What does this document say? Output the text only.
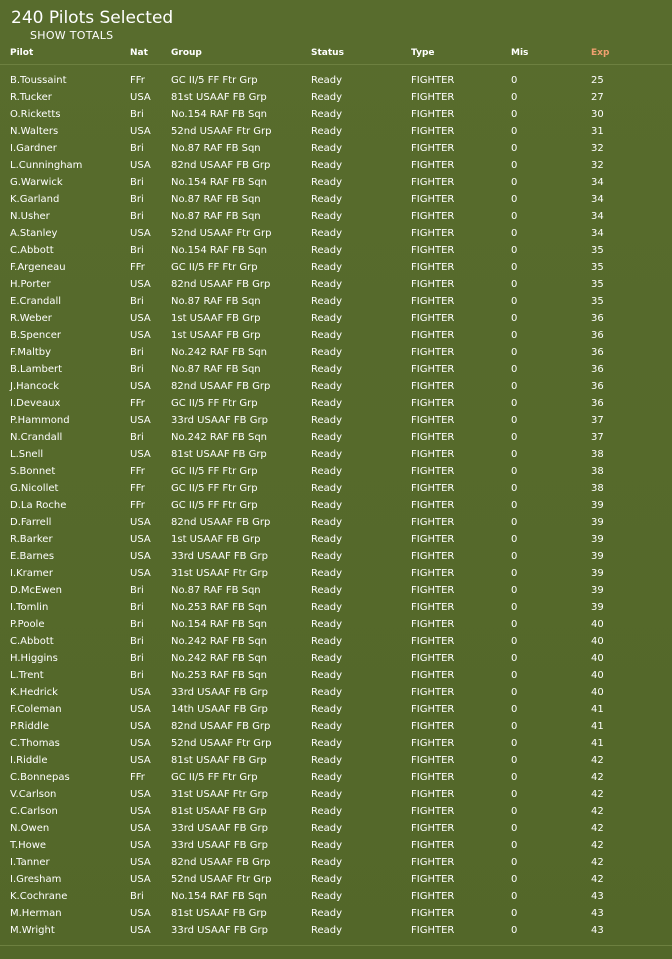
240 Pilots Selected
SHOW TOTALS
Pilot	Nat	Group	Status	Type	Mis	Exp
B.Toussaint	FFr	GC II/5 FF Ftr Grp	Ready	FIGHTER	0	25
R.Tucker	USA 81st USAAF FB Grp	Ready	FIGHTER	0	27
O.Ricketts	Bri	No.154 RAF FB Sqn	Ready	FIGHTER	0	30
N.Walters	USA 52nd USAAF Ftr Grp	Ready	FIGHTER	0	31
I.Gardner	Bri	No.87 RAF FB Sqn	Ready	FIGHTER	0	32
L.Cunningham	USA 82nd USAAF FB Grp	Ready	FIGHTER	0	32
G.Warwick	Bri	No.154 RAF FB Sqn	Ready	FIGHTER	0	34
K.Garland	Bri	No.87 RAF FB Sqn	Ready	FIGHTER	0	34
N.Usher	Bri	No.87 RAF FB Sqn	Ready	FIGHTER	0	34
A.Stanley	USA 52nd USAAF Ftr Grp	Ready	FIGHTER	0	34
C.Abbott	Bri	No.154 RAF FB Sqn	Ready	FIGHTER	0	35
F.Argeneau	FFr	GC II/5 FF Ftr Grp	Ready	FIGHTER	0	35
H.Porter	USA 82nd USAAF FB Grp	Ready	FIGHTER	0	35
E.Crandall	Bri	No.87 RAF FB Sqn	Ready	FIGHTER	0	35
R.Weber	USA 1st USAAF FB Grp	Ready	FIGHTER	0	36
B.Spencer	USA 1st USAAF FB Grp	Ready	FIGHTER	0	36
F.Maltby	Bri	No.242 RAF FB Sqn	Ready	FIGHTER	0	36
B.Lambert	Bri	No.87 RAF FB Sqn	Ready	FIGHTER	0	36
J.Hancock	USA 82nd USAAF FB Grp	Ready	FIGHTER	0	36
I.Deveaux	FFr	GC II/5 FF Ftr Grp	Ready	FIGHTER	0	36
P.Hammond	USA 33rd USAAF FB Grp	Ready	FIGHTER	0	37
N.Crandall	Bri	No.242 RAF FB Sqn	Ready	FIGHTER	0	37
L.Snell	USA 81st USAAF FB Grp	Ready	FIGHTER	0	38
S.Bonnet	FFr	GC II/5 FF Ftr Grp	Ready	FIGHTER	0	38
G.Nicollet	FFr	GC II/5 FF Ftr Grp	Ready	FIGHTER	0	38
D.La Roche	FFr	GC II/5 FF Ftr Grp	Ready	FIGHTER	0	39
D.Farrell	USA 82nd USAAF FB Grp	Ready	FIGHTER	0	39
R.Barker	USA 1st USAAF FB Grp	Ready	FIGHTER	0	39
E.Barnes	USA 33rd USAAF FB Grp	Ready	FIGHTER	0	39
I.Kramer	USA 31st USAAF Ftr Grp	Ready	FIGHTER	0	39
D.McEwen	Bri	No.87 RAF FB Sqn	Ready	FIGHTER	0	39
I.Tomlin	Bri	No.253 RAF FB Sqn	Ready	FIGHTER	0	39
P.Poole	Bri	No.154 RAF FB Sqn	Ready	FIGHTER	0	40
C.Abbott	Bri	No.242 RAF FB Sqn	Ready	FIGHTER	0	40
H.Higgins	Bri	No.242 RAF FB Sqn	Ready	FIGHTER	0	40
L.Trent	Bri	No.253 RAF FB Sqn	Ready	FIGHTER	0	40
K.Hedrick	USA 33rd USAAF FB Grp	Ready	FIGHTER	0	40
F.Coleman	USA 14th USAAF FB Grp	Ready	FIGHTER	0	41
P.Riddle	USA 82nd USAAF FB Grp	Ready	FIGHTER	0	41
C.Thomas	USA 52nd USAAF Ftr Grp	Ready	FIGHTER	0	41
I.Riddle	USA 81st USAAF FB Grp	Ready	FIGHTER	0	42
C.Bonnepas	FFr	GC II/5 FF Ftr Grp	Ready	FIGHTER	0	42
V.Carlson	USA 31st USAAF Ftr Grp	Ready	FIGHTER	0	42
C.Carlson	USA 81st USAAF FB Grp	Ready	FIGHTER	0	42
N.Owen	USA 33rd USAAF FB Grp	Ready	FIGHTER	0	42
T.Howe	USA 33rd USAAF FB Grp	Ready	FIGHTER	0	42
I.Tanner	USA 82nd USAAF FB Grp	Ready	FIGHTER	0	42
I.Gresham	USA 52nd USAAF Ftr Grp	Ready	FIGHTER	0	42
K.Cochrane	Bri	No.154 RAF FB Sqn	Ready	FIGHTER	0	43
M.Herman	USA 81st USAAF FB Grp	Ready	FIGHTER	0	43
M.Wright	USA 33rd USAAF FB Grp	Ready	FIGHTER	0	43
